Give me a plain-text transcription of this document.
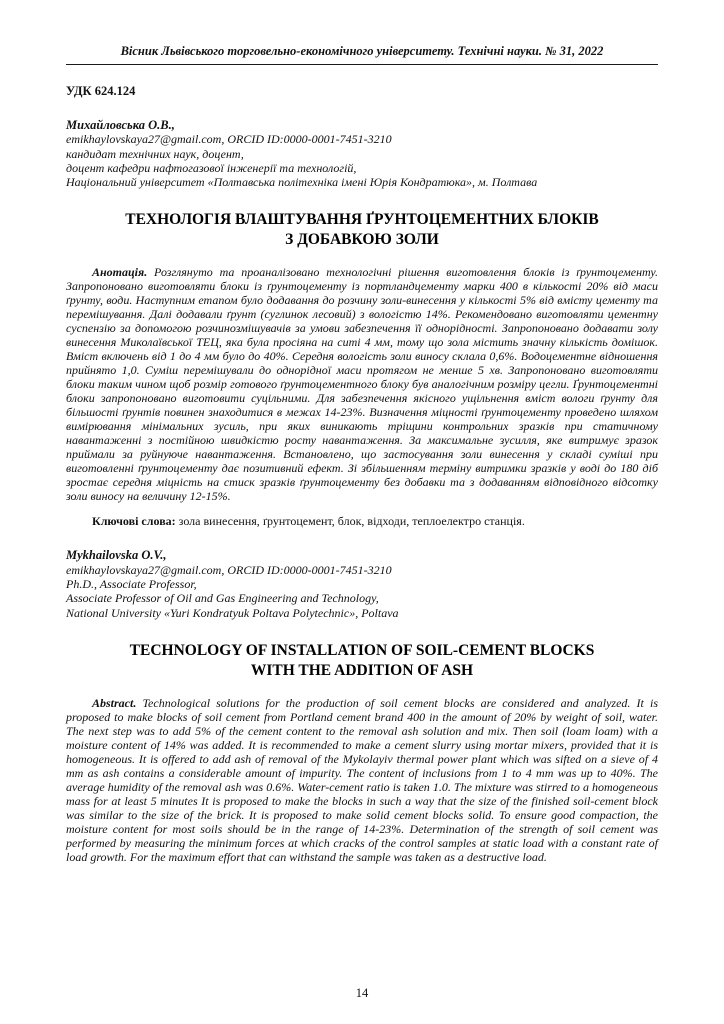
Вісник Львівського торговельно-економічного університету. Технічні науки. № 31, 2022

УДК 624.124

Михайловська О.В.,

emikhaylovskaya27@gmail.com, ORCID ID:0000-0001-7451-3210

кандидат технічних наук, доцент,

доцент кафедри нафтогазової інженерії та технологій,

Національний університет «Полтавська політехніка імені Юрія Кондратюка», м. Полтава

ТЕХНОЛОГІЯ ВЛАШТУВАННЯ ҐРУНТОЦЕМЕНТНИХ БЛОКІВ
З ДОБАВКОЮ ЗОЛИ

Анотація. Розглянуто та проаналізовано технологічні рішення виготовлення блоків із ґрунтоцементу. Запропоновано виготовляти блоки із ґрунтоцементу із портландцементу марки 400 в кількості 20% від маси ґрунту, води. Наступним етапом було додавання до розчину золи-винесення у кількості 5% від вмісту цементу та перемішування. Далі додавали ґрунт (суглинок лесовий) з вологістю 14%. Рекомендовано виготовляти цементну суспензію за допомогою розчинозмішувачів за умови забезпечення її однорідності. Запропоновано додавати золу винесення Миколаївської ТЕЦ, яка була просіяна на ситі 4 мм, тому що зола містить значну кількість домішок. Вміст включень від 1 до 4 мм було до 40%. Середня вологість золи виносу склала 0,6%. Водоцементне відношення прийнято 1,0. Суміш перемішували до однорідної маси протягом не менше 5 хв. Запропоновано виготовляти блоки таким чином щоб розмір готового ґрунтоцементного блоку був аналогічним розміру цегли. Ґрунтоцементні блоки запропоновано виготовити суцільними. Для забезпечення якісного ущільнення вміст вологи ґрунту для більшості ґрунтів повинен знаходитися в межах 14-23%. Визначення міцності ґрунтоцементу проведено шляхом вимірювання мінімальних зусиль, при яких виникають тріщини контрольних зразків при статичному навантаженні з постійною швидкістю росту навантаження. За максимальне зусилля, яке витримує зразок приймали за руйнуюче навантаження. Встановлено, що застосування золи винесення у складі суміші при виготовленні ґрунтоцементу дає позитивний ефект. Зі збільшенням терміну витримки зразків у воді до 180 діб зростає середня міцність на стиск зразків ґрунтоцементу без добавки та з додаванням відповідного відсотку золи виносу на величину 12-15%.

Ключові слова: зола винесення, ґрунтоцемент, блок, відходи, теплоелектро станція.

Mykhailovska O.V.,

emikhaylovskaya27@gmail.com, ORCID ID:0000-0001-7451-3210

Ph.D., Associate Professor,

Associate Professor of Oil and Gas Engineering and Technology,

National University «Yuri Kondratyuk Poltava Polytechnic», Poltava

TECHNOLOGY OF INSTALLATION OF SOIL-CEMENT BLOCKS
WITH THE ADDITION OF ASH

Abstract. Technological solutions for the production of soil cement blocks are considered and analyzed. It is proposed to make blocks of soil cement from Portland cement brand 400 in the amount of 20% by weight of soil, water. The next step was to add 5% of the cement content to the removal ash solution and mix. Then soil (loam loam) with a moisture content of 14% was added. It is recommended to make a cement slurry using mortar mixers, provided that it is homogeneous. It is offered to add ash of removal of the Mykolayiv thermal power plant which was sifted on a sieve of 4 mm as ash contains a considerable amount of impurity. The content of inclusions from 1 to 4 mm was up to 40%. The average humidity of the removal ash was 0.6%. Water-cement ratio is taken 1.0. The mixture was stirred to a homogeneous mass for at least 5 minutes It is proposed to make the blocks in such a way that the size of the finished soil-cement block was similar to the size of the brick. It is proposed to make solid cement blocks solid. To ensure good compaction, the moisture content for most soils should be in the range of 14-23%. Determination of the strength of soil cement was performed by measuring the minimum forces at which cracks of the control samples at static load with a constant rate of load growth. For the maximum effort that can withstand the sample was taken as a destructive load.

14
